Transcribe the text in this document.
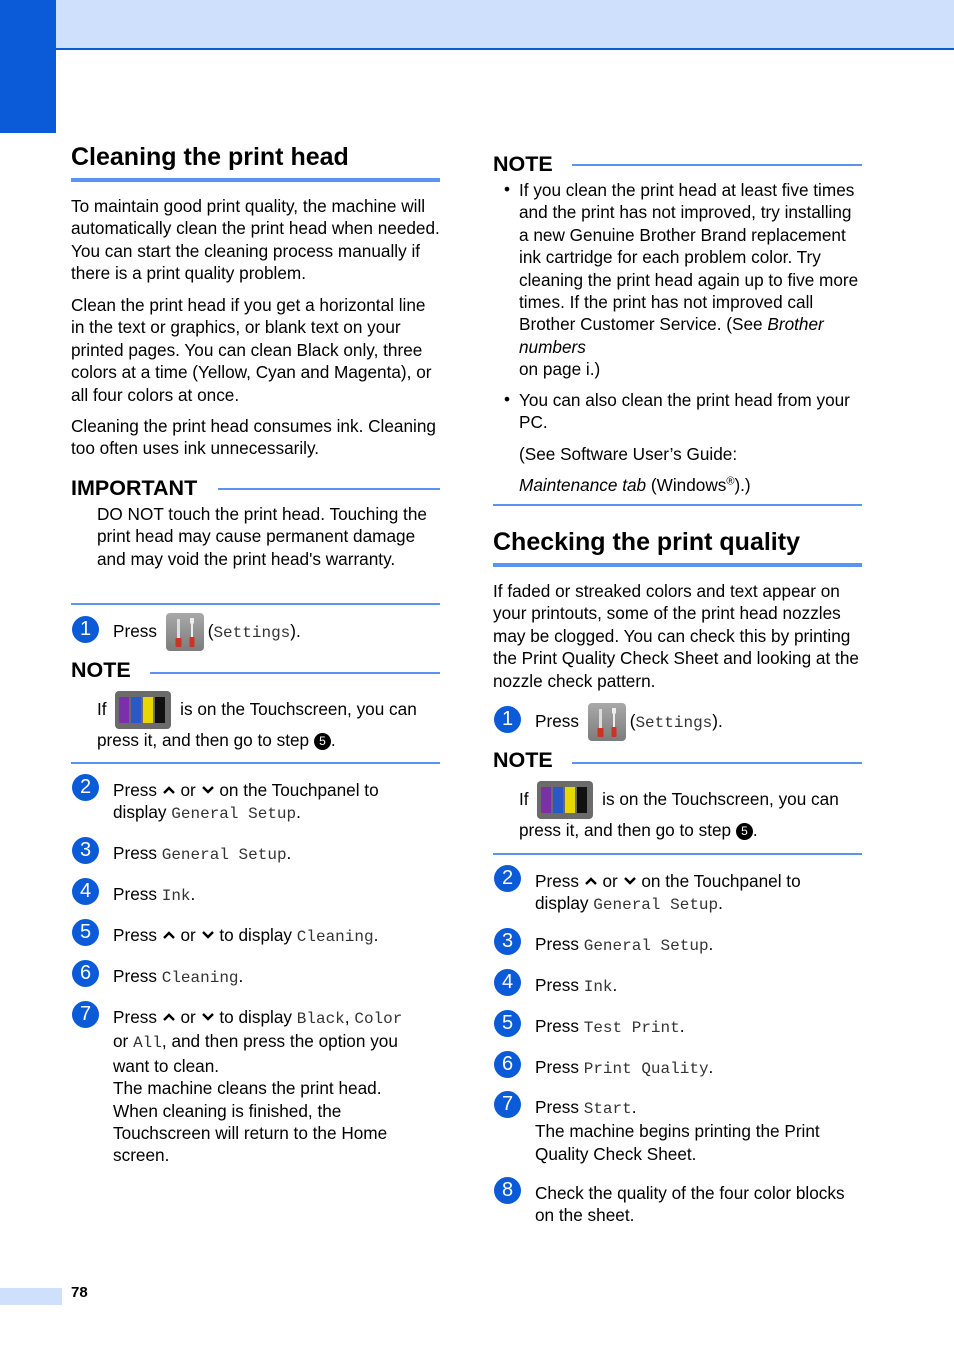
Cleaning the print head
To maintain good print quality, the machine will automatically clean the print head when needed. You can start the cleaning process manually if there is a print quality problem.
Clean the print head if you get a horizontal line in the text or graphics, or blank text on your printed pages. You can clean Black only, three colors at a time (Yellow, Cyan and Magenta), or all four colors at once.
Cleaning the print head consumes ink. Cleaning too often uses ink unnecessarily.
IMPORTANT
DO NOT touch the print head. Touching the print head may cause permanent damage and may void the print head's warranty.
1	Press	(Settings).
NOTE
If	is on the Touchscreen, you can
press it, and then go to step 5 .
2	Press or on the Touchpanel to
display General Setup.
3	Press General Setup.
4	Press Ink.
5	Press or to display Cleaning.
6	Press Cleaning.
7	Press or to display Black, Color
or All, and then press the option you
want to clean.
The machine cleans the print head.
When cleaning is finished, the
Touchscreen will return to the Home
screen.
NOTE
• If you clean the print head at least five times and the print has not improved, try installing a new Genuine Brother Brand replacement ink cartridge for each problem color. Try cleaning the print head again up to five more times. If the print has not improved call Brother Customer Service. (See Brother numbers
on page i.)
• You can also clean the print head from your PC.
(See Software User’s Guide:
Maintenance tab (Windows®).)
Checking the print quality
If faded or streaked colors and text appear on your printouts, some of the print head nozzles may be clogged. You can check this by printing the Print Quality Check Sheet and looking at the nozzle check pattern.
1	Press	(Settings).
NOTE
If	is on the Touchscreen, you can
press it, and then go to step 5 .
2	Press or on the Touchpanel to
display General Setup.
3	Press General Setup.
4	Press Ink.
5	Press Test Print.
6	Press Print Quality.
7	Press Start.
The machine begins printing the Print
Quality Check Sheet.
8	Check the quality of the four color blocks
on the sheet.
78
